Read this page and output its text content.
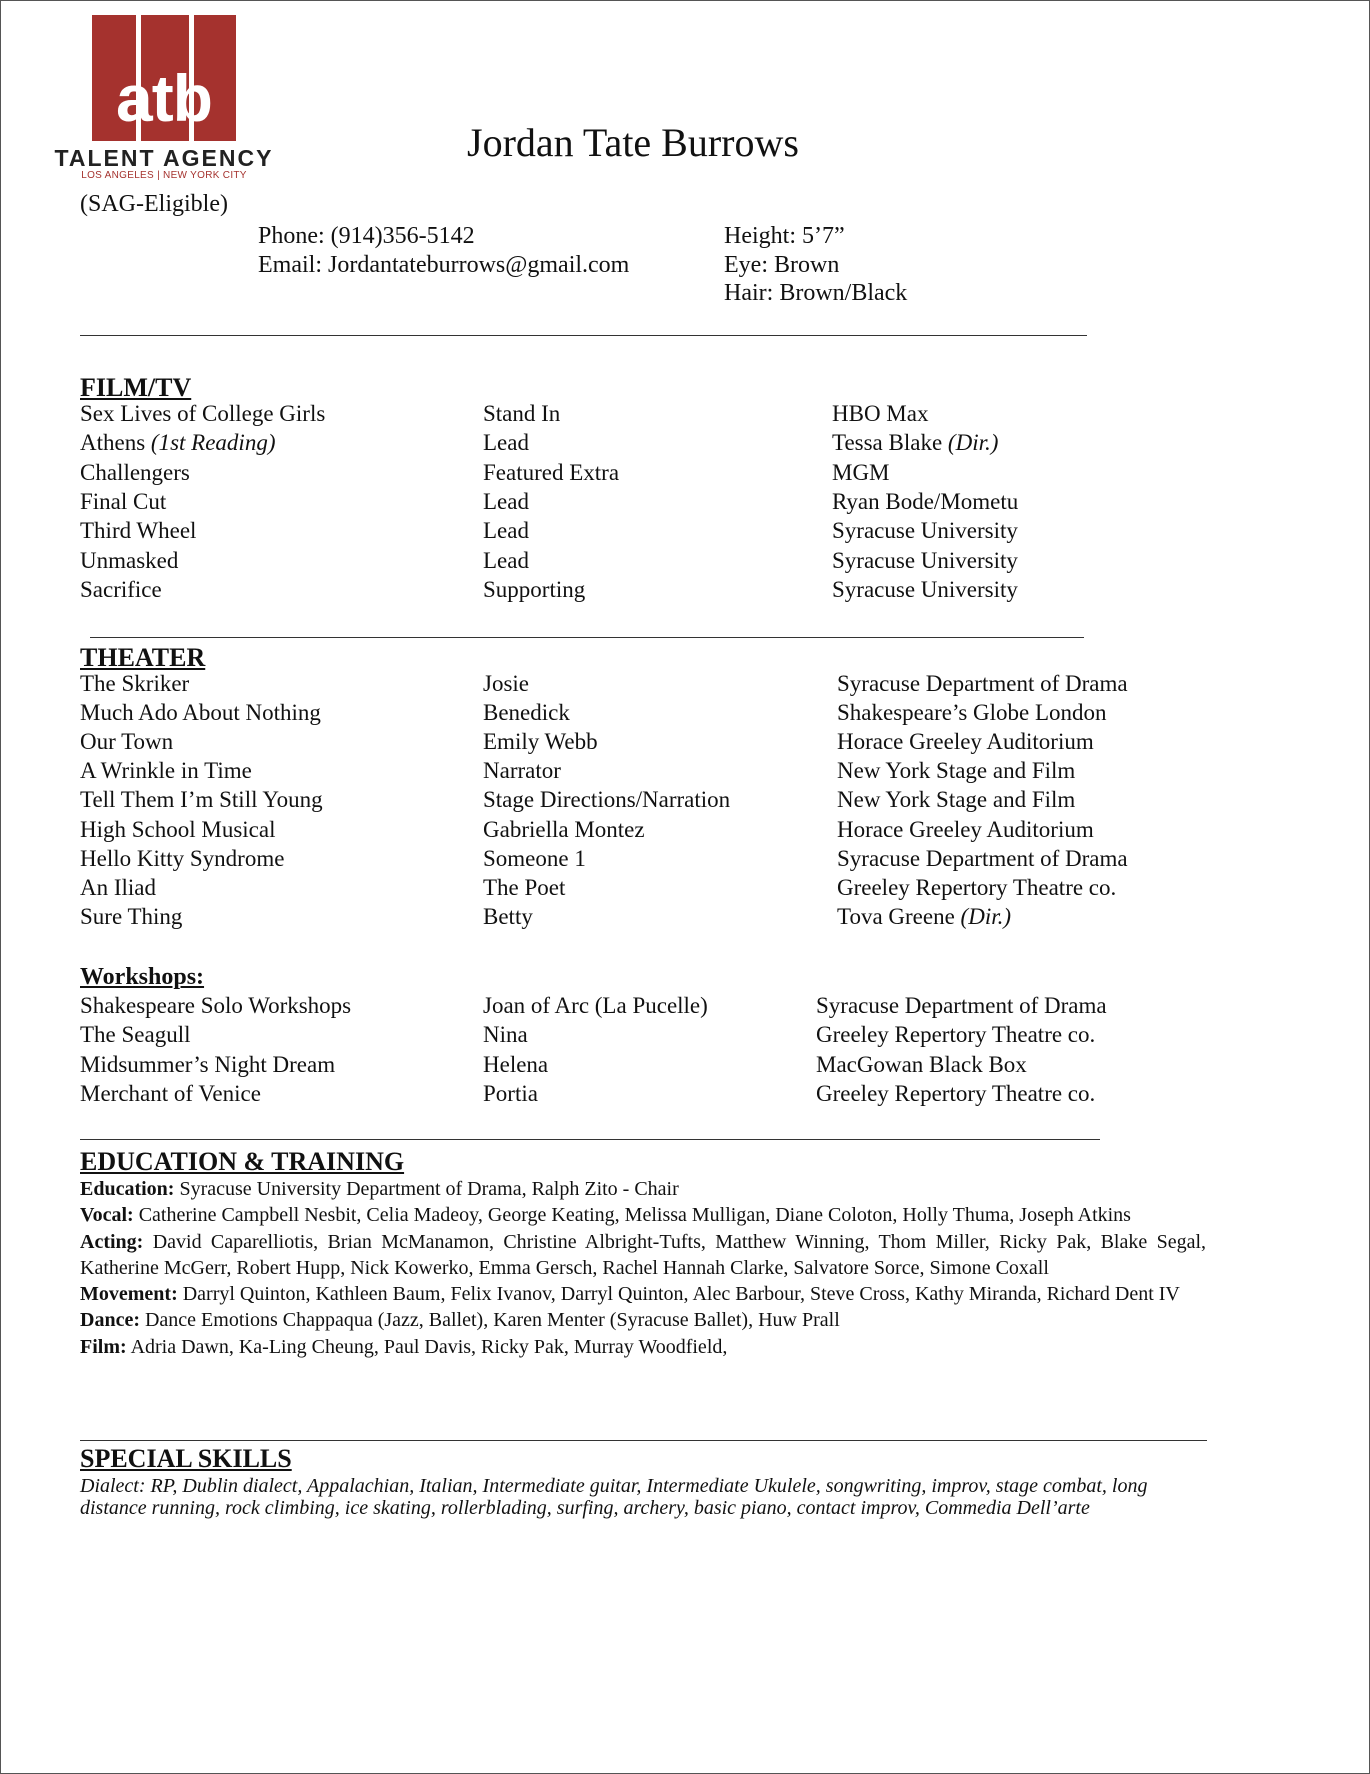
atb
TALENT AGENCY
LOS ANGELES | NEW YORK CITY
Jordan Tate Burrows
(SAG-Eligible)
Phone: (914)356-5142
Email: Jordantateburrows@gmail.com
Height: 5’7”
Eye: Brown
Hair: Brown/Black
FILM/TV
Sex Lives of College Girls	Stand In	HBO Max
Athens (1st Reading)	Lead	Tessa Blake (Dir.)
Challengers	Featured Extra	MGM
Final Cut	Lead	Ryan Bode/Mometu
Third Wheel	Lead	Syracuse University
Unmasked	Lead	Syracuse University
Sacrifice	Supporting	Syracuse University
THEATER
The Skriker	Josie	Syracuse Department of Drama
Much Ado About Nothing	Benedick	Shakespeare’s Globe London
Our Town	Emily Webb	Horace Greeley Auditorium
A Wrinkle in Time	Narrator	New York Stage and Film
Tell Them I’m Still Young	Stage Directions/Narration	New York Stage and Film
High School Musical	Gabriella Montez	Horace Greeley Auditorium
Hello Kitty Syndrome	Someone 1	Syracuse Department of Drama
An Iliad	The Poet	Greeley Repertory Theatre co.
Sure Thing	Betty	Tova Greene (Dir.)
Workshops:
Shakespeare Solo Workshops	Joan of Arc (La Pucelle)	Syracuse Department of Drama
The Seagull	Nina	Greeley Repertory Theatre co.
Midsummer’s Night Dream	Helena	MacGowan Black Box
Merchant of Venice	Portia	Greeley Repertory Theatre co.
EDUCATION & TRAINING

Education: Syracuse University Department of Drama, Ralph Zito - Chair

Vocal: Catherine Campbell Nesbit, Celia Madeoy, George Keating, Melissa Mulligan, Diane Coloton, Holly Thuma, Joseph Atkins

Acting: David Caparelliotis, Brian McManamon, Christine Albright-Tufts, Matthew Winning, Thom Miller, Ricky Pak, Blake Segal, Katherine McGerr, Robert Hupp, Nick Kowerko, Emma Gersch, Rachel Hannah Clarke, Salvatore Sorce, Simone Coxall

Movement: Darryl Quinton, Kathleen Baum, Felix Ivanov, Darryl Quinton, Alec Barbour, Steve Cross, Kathy Miranda, Richard Dent IV

Dance: Dance Emotions Chappaqua (Jazz, Ballet), Karen Menter (Syracuse Ballet), Huw Prall

Film: Adria Dawn, Ka-Ling Cheung, Paul Davis, Ricky Pak, Murray Woodfield,

SPECIAL SKILLS
Dialect: RP, Dublin dialect, Appalachian, Italian, Intermediate guitar, Intermediate Ukulele, songwriting, improv, stage combat, long distance running, rock climbing, ice skating, rollerblading, surfing, archery, basic piano, contact improv, Commedia Dell’arte
